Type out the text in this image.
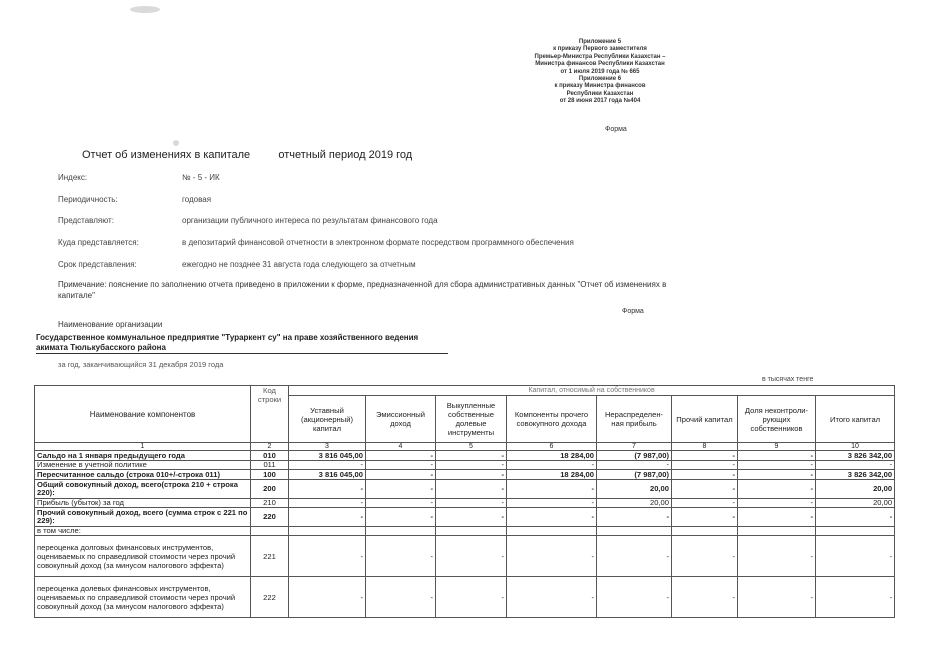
Приложение 5
к приказу Первого заместителя
Премьер-Министра Республики Казахстан –
Министра финансов Республики Казахстан
от 1 июля 2019 года № 665
Приложение 6
к приказу Министра финансов
Республики Казахстан
от 28 июня 2017 года №404
Форма
Отчет об изменениях в капитале	отчетный период 2019 год
Индекс:	№ - 5 - ИК
Периодичность:	годовая
Представляют:	организации публичного интереса по результатам финансового года
Куда представляется:	в депозитарий финансовой отчетности в электронном формате посредством программного обеспечения
Срок представления:	ежегодно не позднее 31 августа года следующего за отчетным
Примечание: пояснение по заполнению отчета приведено в приложении к форме, предназначенной для сбора административных данных "Отчет об изменениях в капитале"
Форма
Наименование организации
Государственное коммунальное предприятие "Тураркент су" на праве хозяйственного ведения акимата Тюлькубасского района
за год, заканчивающийся 31 декабря 2019 года
в тысячах тенге
Наименование компонентов	Код строки	Капитал, относимый на собственников							
		Уставный (акционерный) капитал	Эмиссионный доход	Выкупленные собственные долевые инструменты	Компоненты прочего совокупного дохода	Нераспределен-ная прибыль	Прочий капитал	Доля неконтроли-рующих собственников	Итого капитал
1	2	3	4	5	6	7	8	9	10
Сальдо на 1 января предыдущего года	010	3 816 045,00	-	-	18 284,00	(7 987,00)	-	-	3 826 342,00
Изменение в учетной политике	011	-	-	-	-	-	-	-	-
Пересчитанное сальдо (строка 010+/-строка 011)	100	3 816 045,00	-	-	18 284,00	(7 987,00)	-	-	3 826 342,00
Общий совокупный доход, всего(строка 210 + строка 220):	200	-	-	-	-	20,00	-	-	20,00
Прибыль (убыток) за год	210	-	-	-	-	20,00	-	-	20,00
Прочий совокупный доход, всего (сумма строк с 221 по 229):	220	-	-	-	-	-	-	-	-
в том числе:									
переоценка долговых финансовых инструментов, оцениваемых по справедливой стоимости через прочий совокупный доход (за минусом налогового эффекта)	221	-	-	-	-	-	-	-	-
переоценка долевых финансовых инструментов, оцениваемых по справедливой стоимости через прочий совокупный доход (за минусом налогового эффекта)	222	-	-	-	-	-	-	-	-
